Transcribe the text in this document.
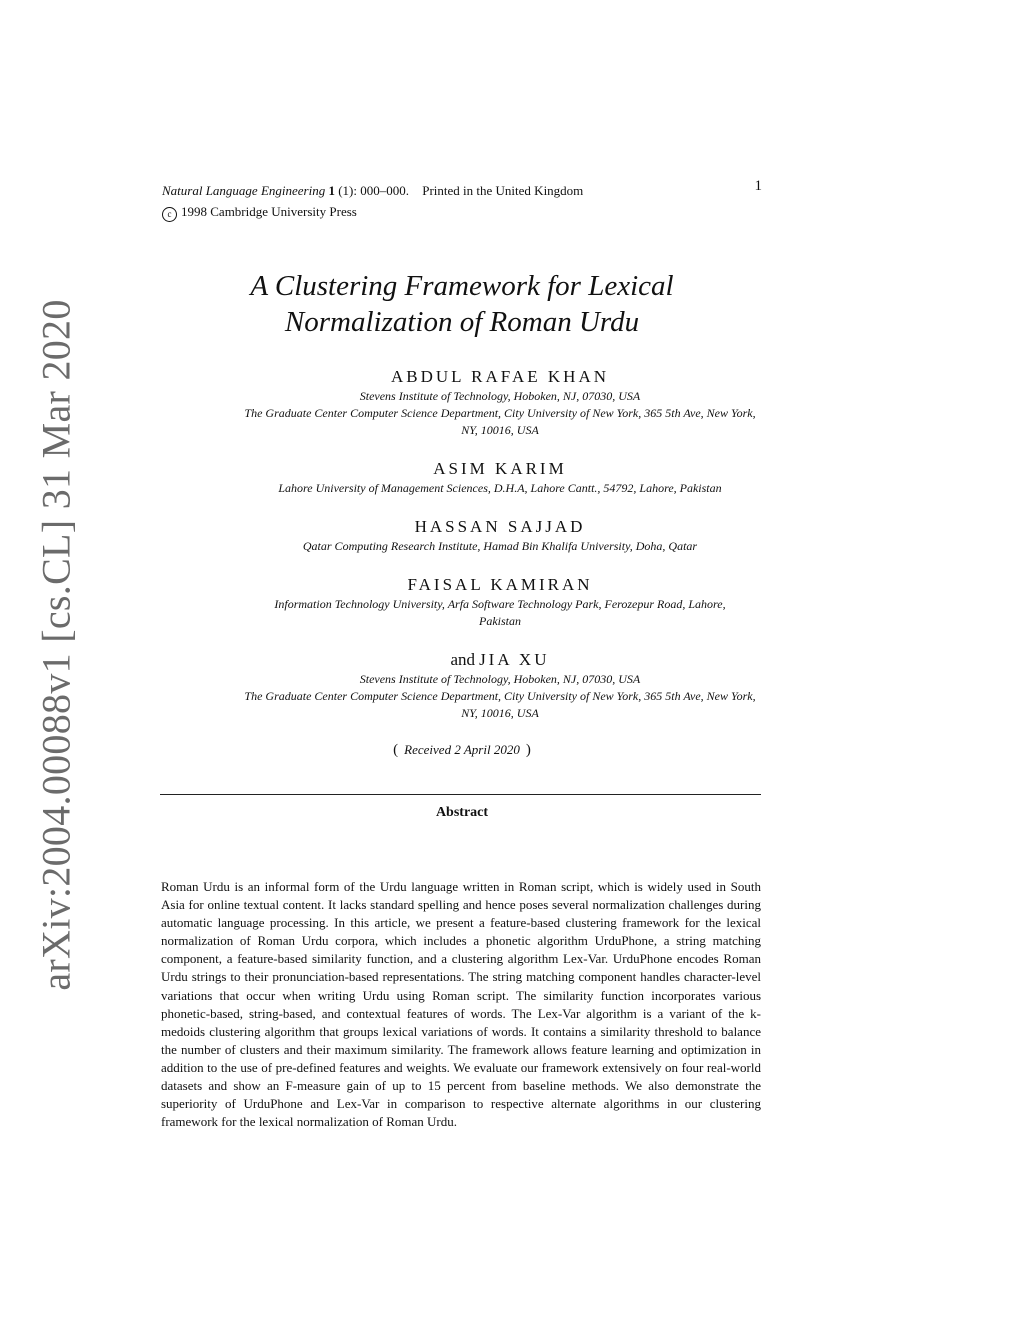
arXiv:2004.00088v1 [cs.CL] 31 Mar 2020
Natural Language Engineering 1 (1): 000–000. Printed in the United Kingdom
c 1998 Cambridge University Press
1
A Clustering Framework for Lexical
Normalization of Roman Urdu
ABDUL RAFAE KHAN
Stevens Institute of Technology, Hoboken, NJ, 07030, USA
The Graduate Center Computer Science Department, City University of New York, 365 5th Ave, New York,
NY, 10016, USA
ASIM KARIM
Lahore University of Management Sciences, D.H.A, Lahore Cantt., 54792, Lahore, Pakistan
HASSAN SAJJAD
Qatar Computing Research Institute, Hamad Bin Khalifa University, Doha, Qatar
FAISAL KAMIRAN
Information Technology University, Arfa Software Technology Park, Ferozepur Road, Lahore,
Pakistan
and JIA XU
Stevens Institute of Technology, Hoboken, NJ, 07030, USA
The Graduate Center Computer Science Department, City University of New York, 365 5th Ave, New York,
NY, 10016, USA
( Received 2 April 2020 )
Abstract
Roman Urdu is an informal form of the Urdu language written in Roman script, which is widely used in South Asia for online textual content. It lacks standard spelling and hence poses several normalization challenges during automatic language processing. In this article, we present a feature-based clustering framework for the lexical normalization of Roman Urdu corpora, which includes a phonetic algorithm UrduPhone, a string matching component, a feature-based similarity function, and a clustering algorithm Lex-Var. UrduPhone encodes Roman Urdu strings to their pronunciation-based representations. The string matching component handles character-level variations that occur when writing Urdu using Roman script. The similarity function incorporates various phonetic-based, string-based, and contextual features of words. The Lex-Var algorithm is a variant of the k-medoids clustering algorithm that groups lexical variations of words. It contains a similarity threshold to balance the number of clusters and their maximum similarity. The framework allows feature learning and optimization in addition to the use of pre-defined features and weights. We evaluate our framework extensively on four real-world datasets and show an F-measure gain of up to 15 percent from baseline methods. We also demonstrate the superiority of UrduPhone and Lex-Var in comparison to respective alternate algorithms in our clustering framework for the lexical normalization of Roman Urdu.
